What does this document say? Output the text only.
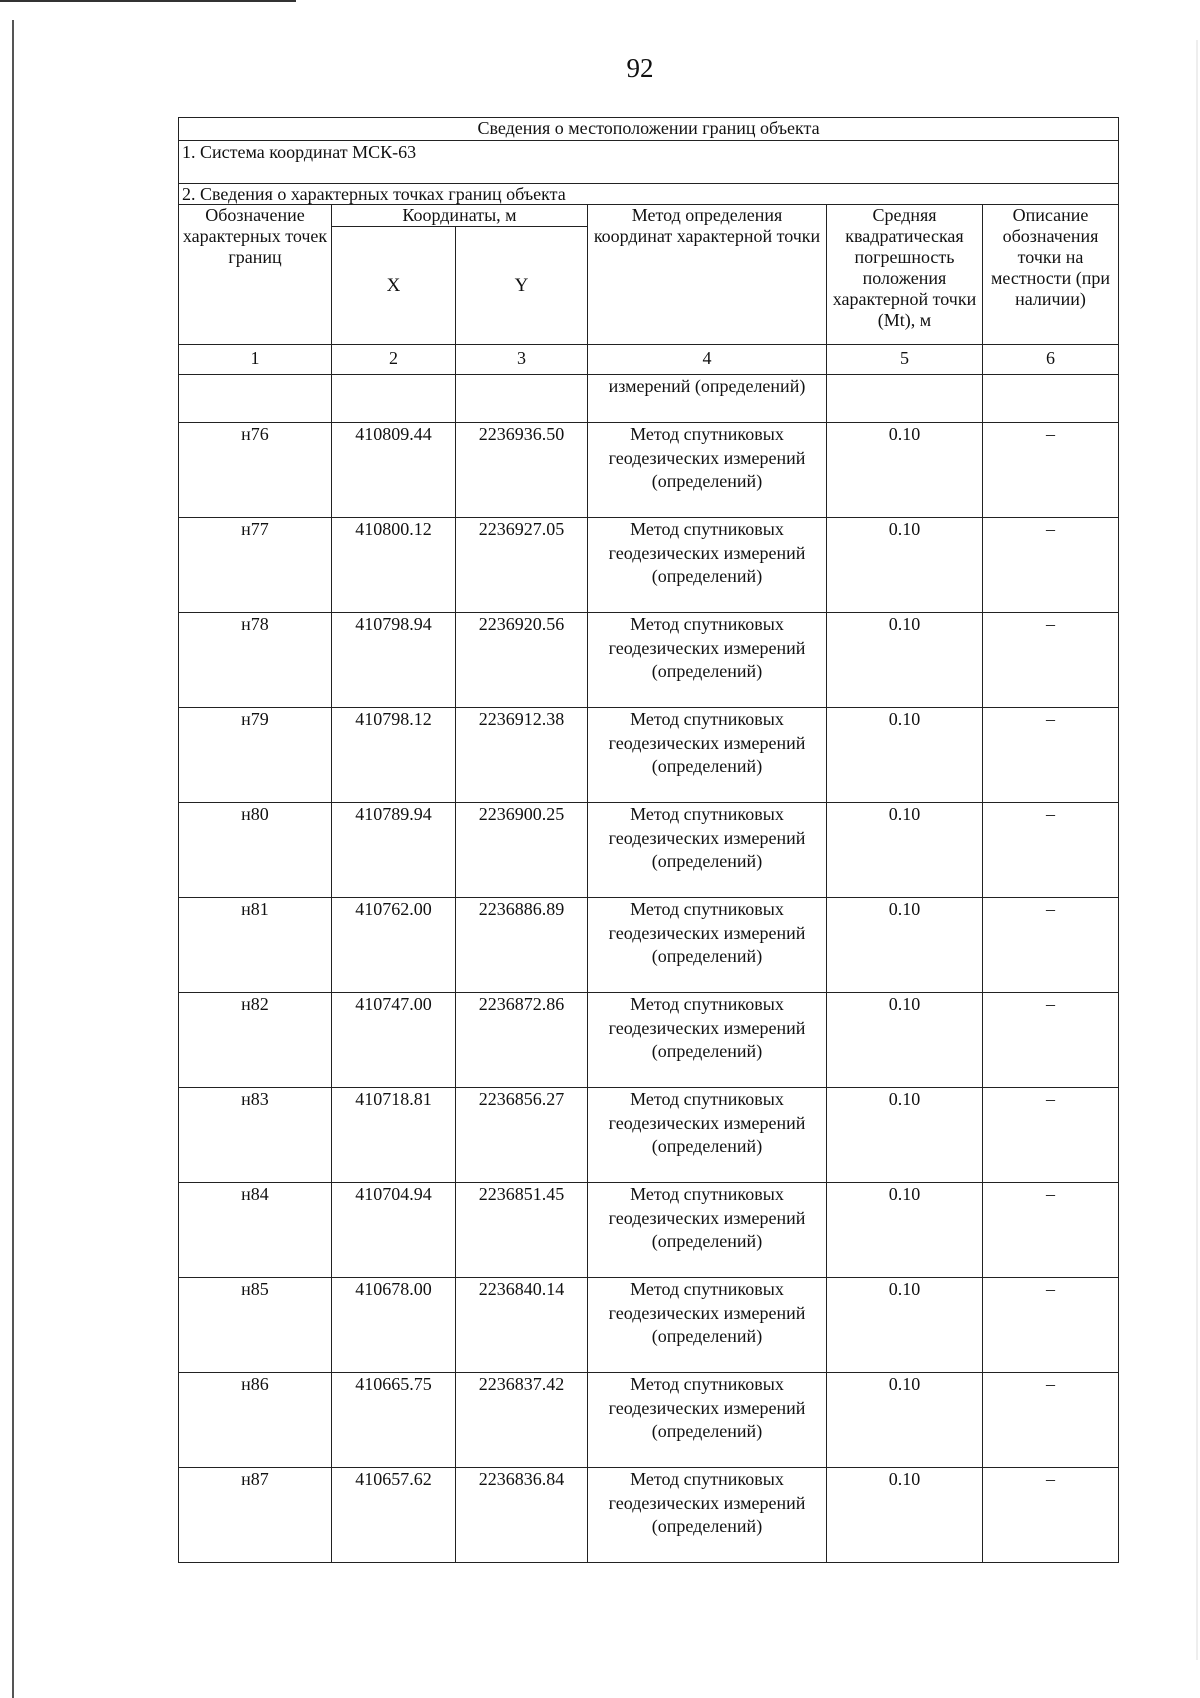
92
Сведения о местоположении границ объекта					
1. Система координат МСК-63					
2. Сведения о характерных точках границ объекта					
Обозначение характерных точек границ	Координаты, м		Метод определения координат характерной точки	Средняя квадратическая погрешность положения характерной точки (Mt), м	Описание обозначения точки на местности (при наличии)
	X	Y			
1	2	3	4	5	6
			измерений (определений)		
н76	410809.44	2236936.50	Метод спутниковых геодезических измерений (определений)	0.10	–
н77	410800.12	2236927.05	Метод спутниковых геодезических измерений (определений)	0.10	–
н78	410798.94	2236920.56	Метод спутниковых геодезических измерений (определений)	0.10	–
н79	410798.12	2236912.38	Метод спутниковых геодезических измерений (определений)	0.10	–
н80	410789.94	2236900.25	Метод спутниковых геодезических измерений (определений)	0.10	–
н81	410762.00	2236886.89	Метод спутниковых геодезических измерений (определений)	0.10	–
н82	410747.00	2236872.86	Метод спутниковых геодезических измерений (определений)	0.10	–
н83	410718.81	2236856.27	Метод спутниковых геодезических измерений (определений)	0.10	–
н84	410704.94	2236851.45	Метод спутниковых геодезических измерений (определений)	0.10	–
н85	410678.00	2236840.14	Метод спутниковых геодезических измерений (определений)	0.10	–
н86	410665.75	2236837.42	Метод спутниковых геодезических измерений (определений)	0.10	–
н87	410657.62	2236836.84	Метод спутниковых геодезических измерений (определений)	0.10	–
